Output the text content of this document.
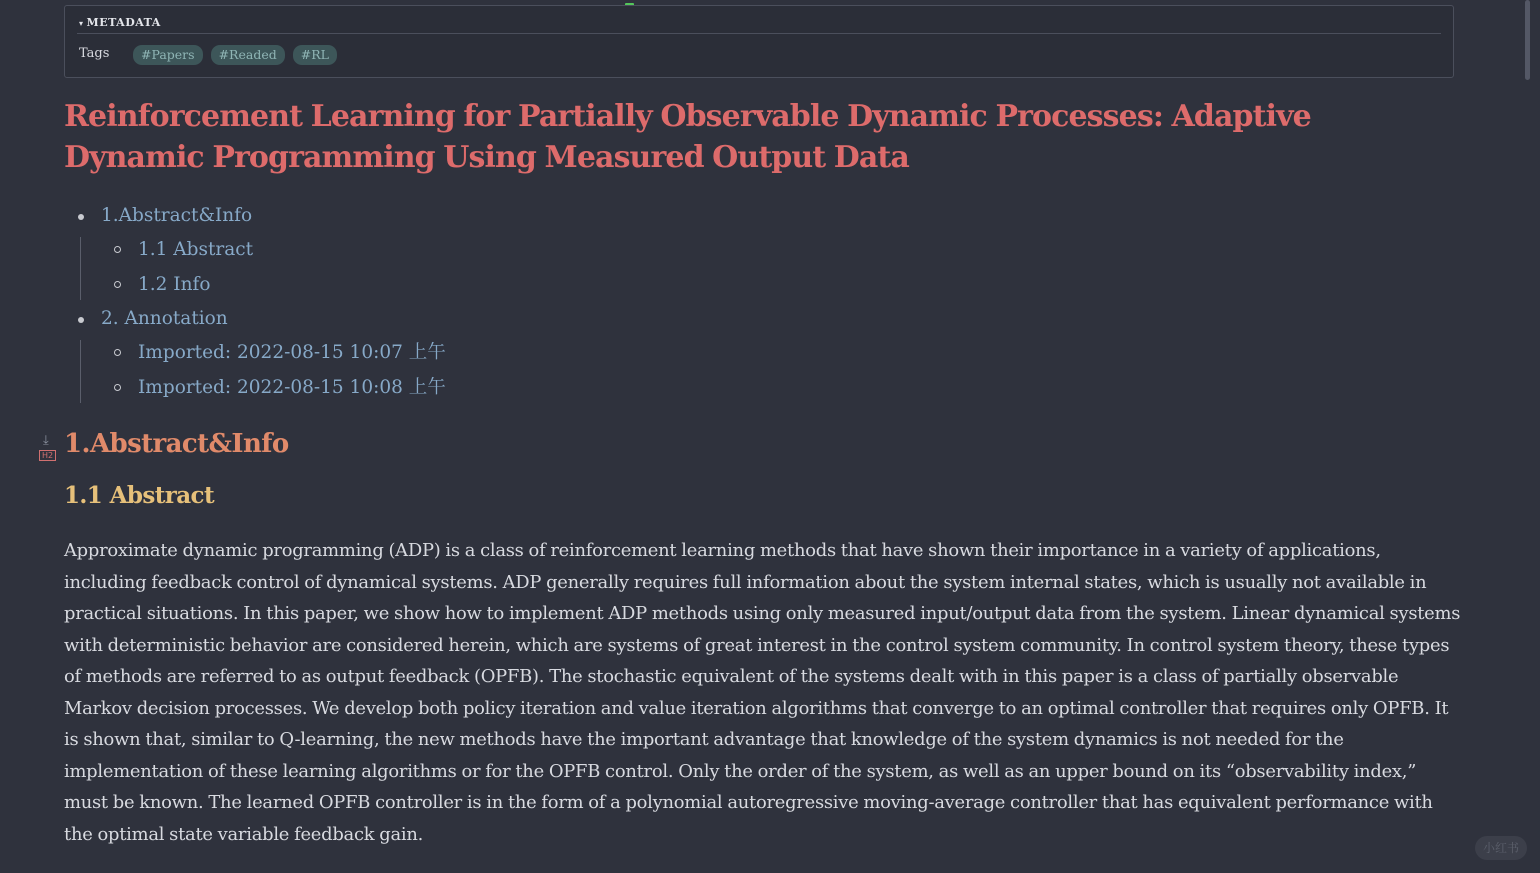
▾ METADATA
Tags	#Papers	#Readed	#RL
Reinforcement Learning for Partially Observable Dynamic Processes: Adaptive Dynamic Programming Using Measured Output Data
1.Abstract&Info
1.1 Abstract
1.2 Info
2. Annotation
Imported: 2022-08-15 10:07 上午
Imported: 2022-08-15 10:08 上午
⤓
H2 1.Abstract&Info
1.1 Abstract

Approximate dynamic programming (ADP) is a class of reinforcement learning methods that have shown their importance in a variety of applications, including feedback control of dynamical systems. ADP generally requires full information about the system internal states, which is usually not available in practical situations. In this paper, we show how to implement ADP methods using only measured input/output data from the system. Linear dynamical systems with deterministic behavior are considered herein, which are systems of great interest in the control system community. In control system theory, these types of methods are referred to as output feedback (OPFB). The stochastic equivalent of the systems dealt with in this paper is a class of partially observable Markov decision processes. We develop both policy iteration and value iteration algorithms that converge to an optimal controller that requires only OPFB. It is shown that, similar to Q-learning, the new methods have the important advantage that knowledge of the system dynamics is not needed for the implementation of these learning algorithms or for the OPFB control. Only the order of the system, as well as an upper bound on its “observability index,” must be known. The learned OPFB controller is in the form of a polynomial autoregressive moving-average controller that has equivalent performance with the optimal state variable feedback gain.

小红书
